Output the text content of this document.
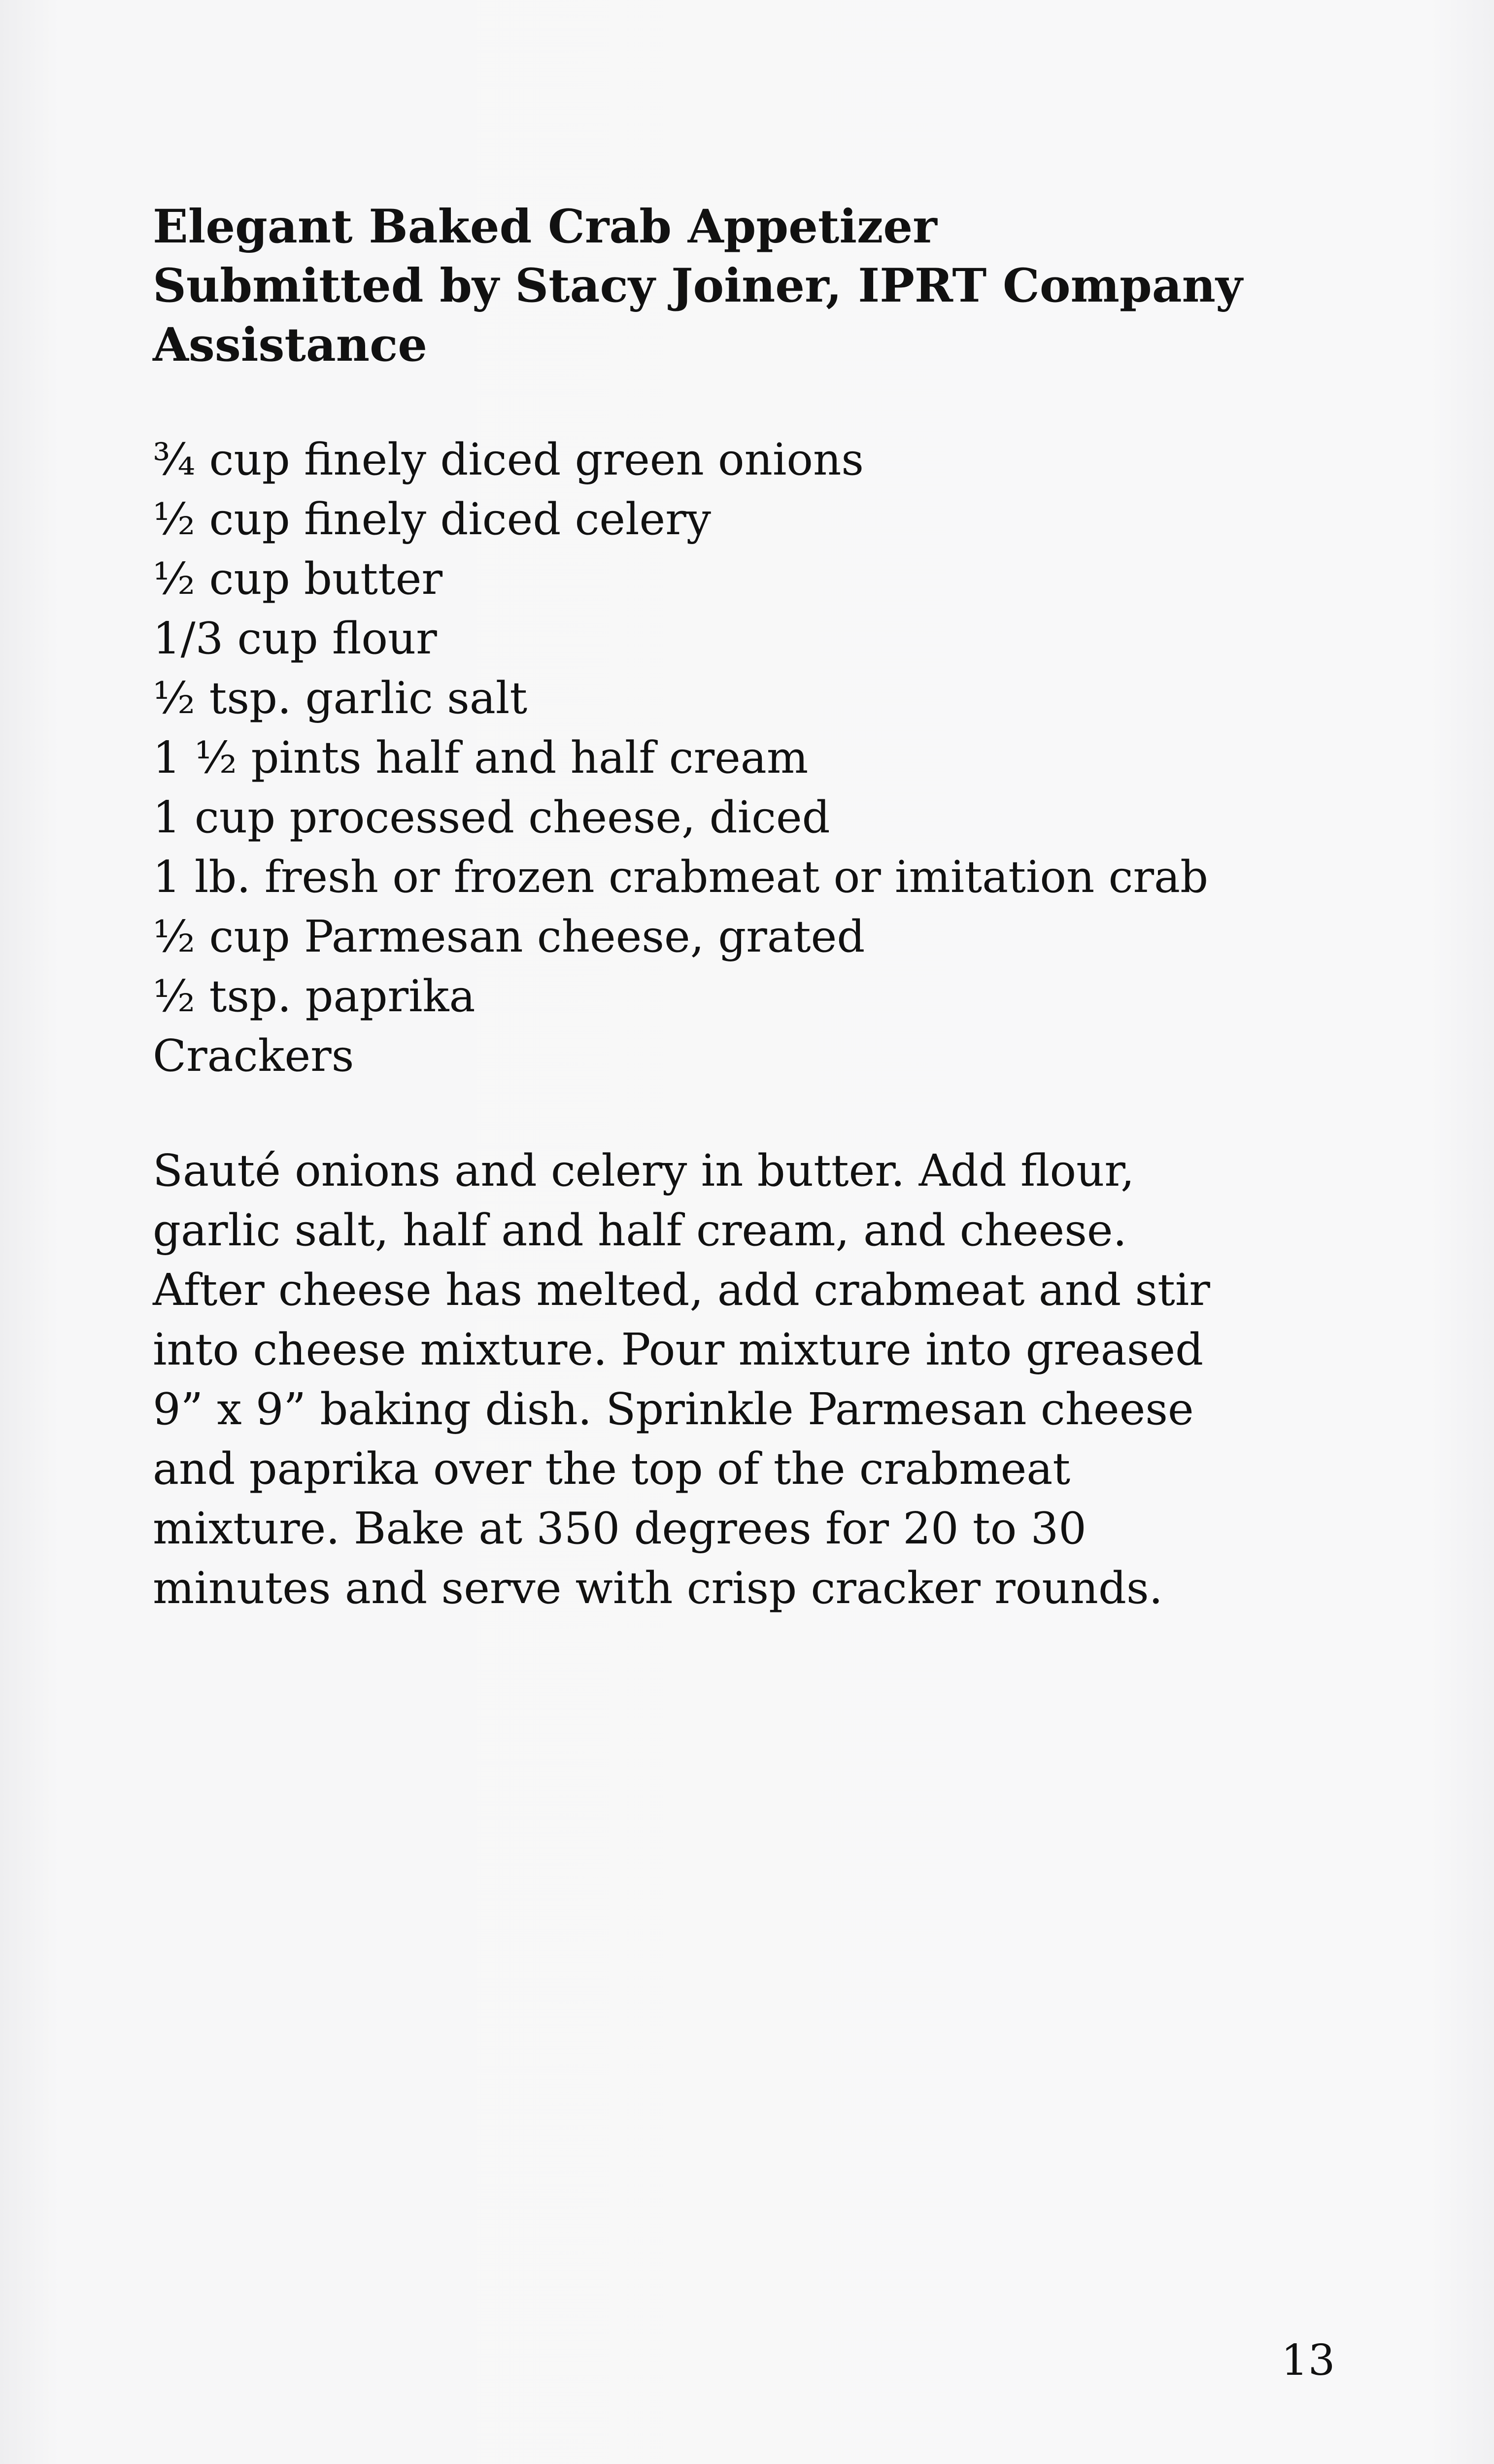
Elegant Baked Crab Appetizer
Submitted by Stacy Joiner, IPRT Company
Assistance
¾ cup finely diced green onions
½ cup finely diced celery
½ cup butter
1/3 cup flour
½ tsp. garlic salt
1 ½ pints half and half cream
1 cup processed cheese, diced
1 lb. fresh or frozen crabmeat or imitation crab
½ cup Parmesan cheese, grated
½ tsp. paprika
Crackers
Sauté onions and celery in butter. Add flour,
garlic salt, half and half cream, and cheese.
After cheese has melted, add crabmeat and stir
into cheese mixture. Pour mixture into greased
9” x 9” baking dish. Sprinkle Parmesan cheese
and paprika over the top of the crabmeat
mixture. Bake at 350 degrees for 20 to 30
minutes and serve with crisp cracker rounds.
13
